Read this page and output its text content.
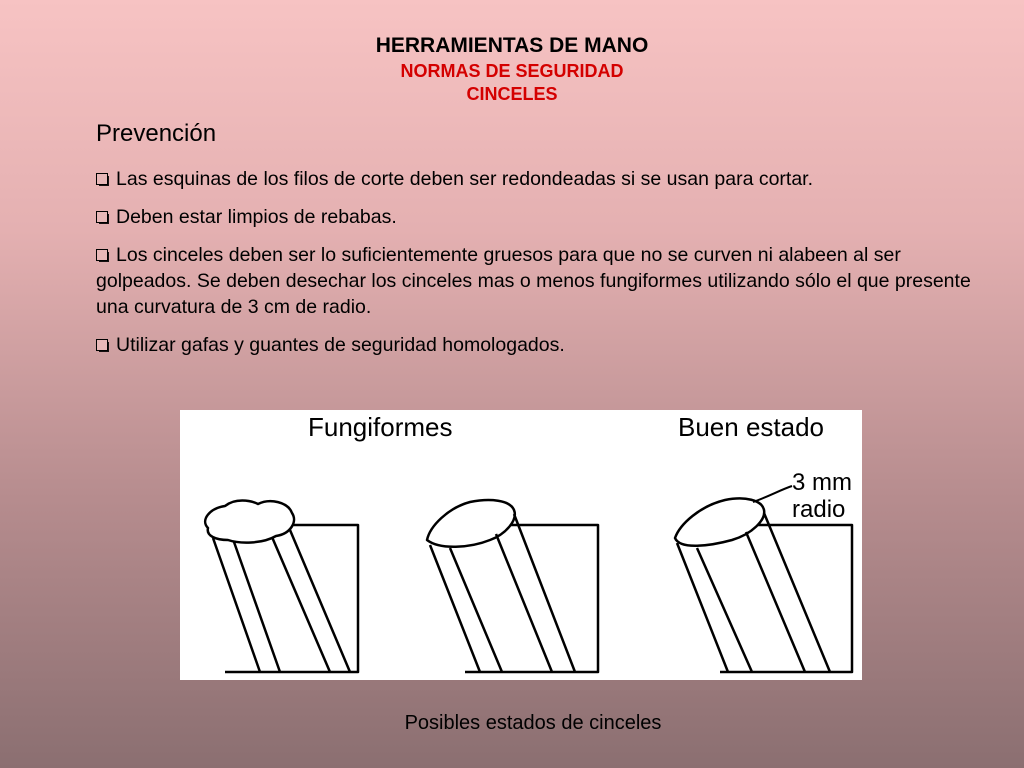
HERRAMIENTAS DE MANO
NORMAS DE SEGURIDAD
CINCELES
Prevención
Las esquinas de los filos de corte deben ser redondeadas si se usan para cortar.
Deben estar limpios de rebabas.
Los cinceles deben ser lo suficientemente gruesos para que no se curven ni alabeen al ser golpeados. Se deben desechar los cinceles mas o menos fungiformes utilizando sólo el que presente una curvatura de 3 cm de radio.
Utilizar gafas y guantes de seguridad homologados.
Fungiformes	Buen estado
3 mm
radio
Posibles estados de cinceles
